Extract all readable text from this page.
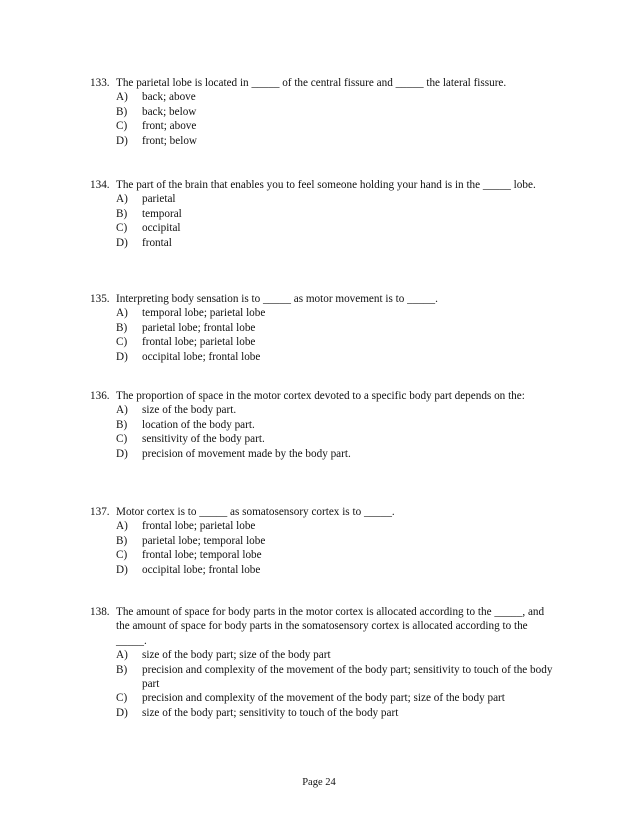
133. The parietal lobe is located in _____ of the central fissure and _____ the lateral fissure.
A) back; above
B) back; below
C) front; above
D) front; below
134. The part of the brain that enables you to feel someone holding your hand is in the _____ lobe.
A) parietal
B) temporal
C) occipital
D) frontal
135. Interpreting body sensation is to _____ as motor movement is to _____.
A) temporal lobe; parietal lobe
B) parietal lobe; frontal lobe
C) frontal lobe; parietal lobe
D) occipital lobe; frontal lobe
136. The proportion of space in the motor cortex devoted to a specific body part depends on the:
A) size of the body part.
B) location of the body part.
C) sensitivity of the body part.
D) precision of movement made by the body part.
137. Motor cortex is to _____ as somatosensory cortex is to _____.
A) frontal lobe; parietal lobe
B) parietal lobe; temporal lobe
C) frontal lobe; temporal lobe
D) occipital lobe; frontal lobe
138. The amount of space for body parts in the motor cortex is allocated according to the _____, and the amount of space for body parts in the somatosensory cortex is allocated according to the _____.
A) size of the body part; size of the body part
B) precision and complexity of the movement of the body part; sensitivity to touch of the body part
C) precision and complexity of the movement of the body part; size of the body part
D) size of the body part; sensitivity to touch of the body part
Page 24
